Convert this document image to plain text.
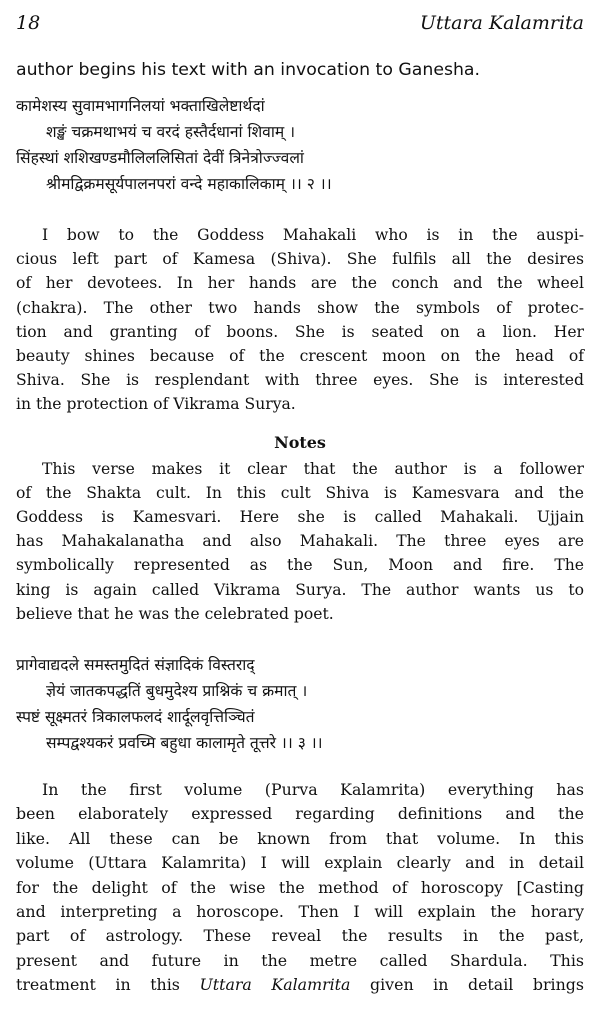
18	Uttara Kalamrita

author begins his text with an invocation to Ganesha.

कामेशस्य सुवामभागनिलयां भक्ताखिलेष्टार्थदां
शङ्खं चक्रमथाभयं च वरदं हस्तैर्दधानां शिवाम् ।
सिंहस्थां शशिखण्डमौलिललिसितां देवीं त्रिनेत्रोज्ज्वलां
श्रीमद्विक्रमसूर्यपालनपरां वन्दे महाकालिकाम् ।। २ ।।
I bow to the Goddess Mahakali who is in the auspi-
cious left part of Kamesa (Shiva). She fulfils all the desires
of her devotees. In her hands are the conch and the wheel
(chakra). The other two hands show the symbols of protec-
tion and granting of boons. She is seated on a lion. Her
beauty shines because of the crescent moon on the head of
Shiva. She is resplendant with three eyes. She is interested
in the protection of Vikrama Surya.
Notes
This verse makes it clear that the author is a follower
of the Shakta cult. In this cult Shiva is Kamesvara and the
Goddess is Kamesvari. Here she is called Mahakali. Ujjain
has Mahakalanatha and also Mahakali. The three eyes are
symbolically represented as the Sun, Moon and fire. The
king is again called Vikrama Surya. The author wants us to
believe that he was the celebrated poet.
प्रागेवाद्यदले समस्तमुदितं संज्ञादिकं विस्तराद्
ज्ञेयं जातकपद्धतिं बुधमुदेश्य प्राश्निकं च क्रमात् ।
स्पष्टं सूक्ष्मतरं त्रिकालफलदं शार्दूलवृत्तिञ्चितं
सम्पद्वश्यकरं प्रवच्मि बहुधा कालामृते तूत्तरे ।। ३ ।।
In the first volume (Purva Kalamrita) everything has
been elaborately expressed regarding definitions and the
like. All these can be known from that volume. In this
volume (Uttara Kalamrita) I will explain clearly and in detail
for the delight of the wise the method of horoscopy [Casting
and interpreting a horoscope. Then I will explain the horary
part of astrology. These reveal the results in the past,
present and future in the metre called Shardula. This
treatment in this Uttara Kalamrita given in detail brings
